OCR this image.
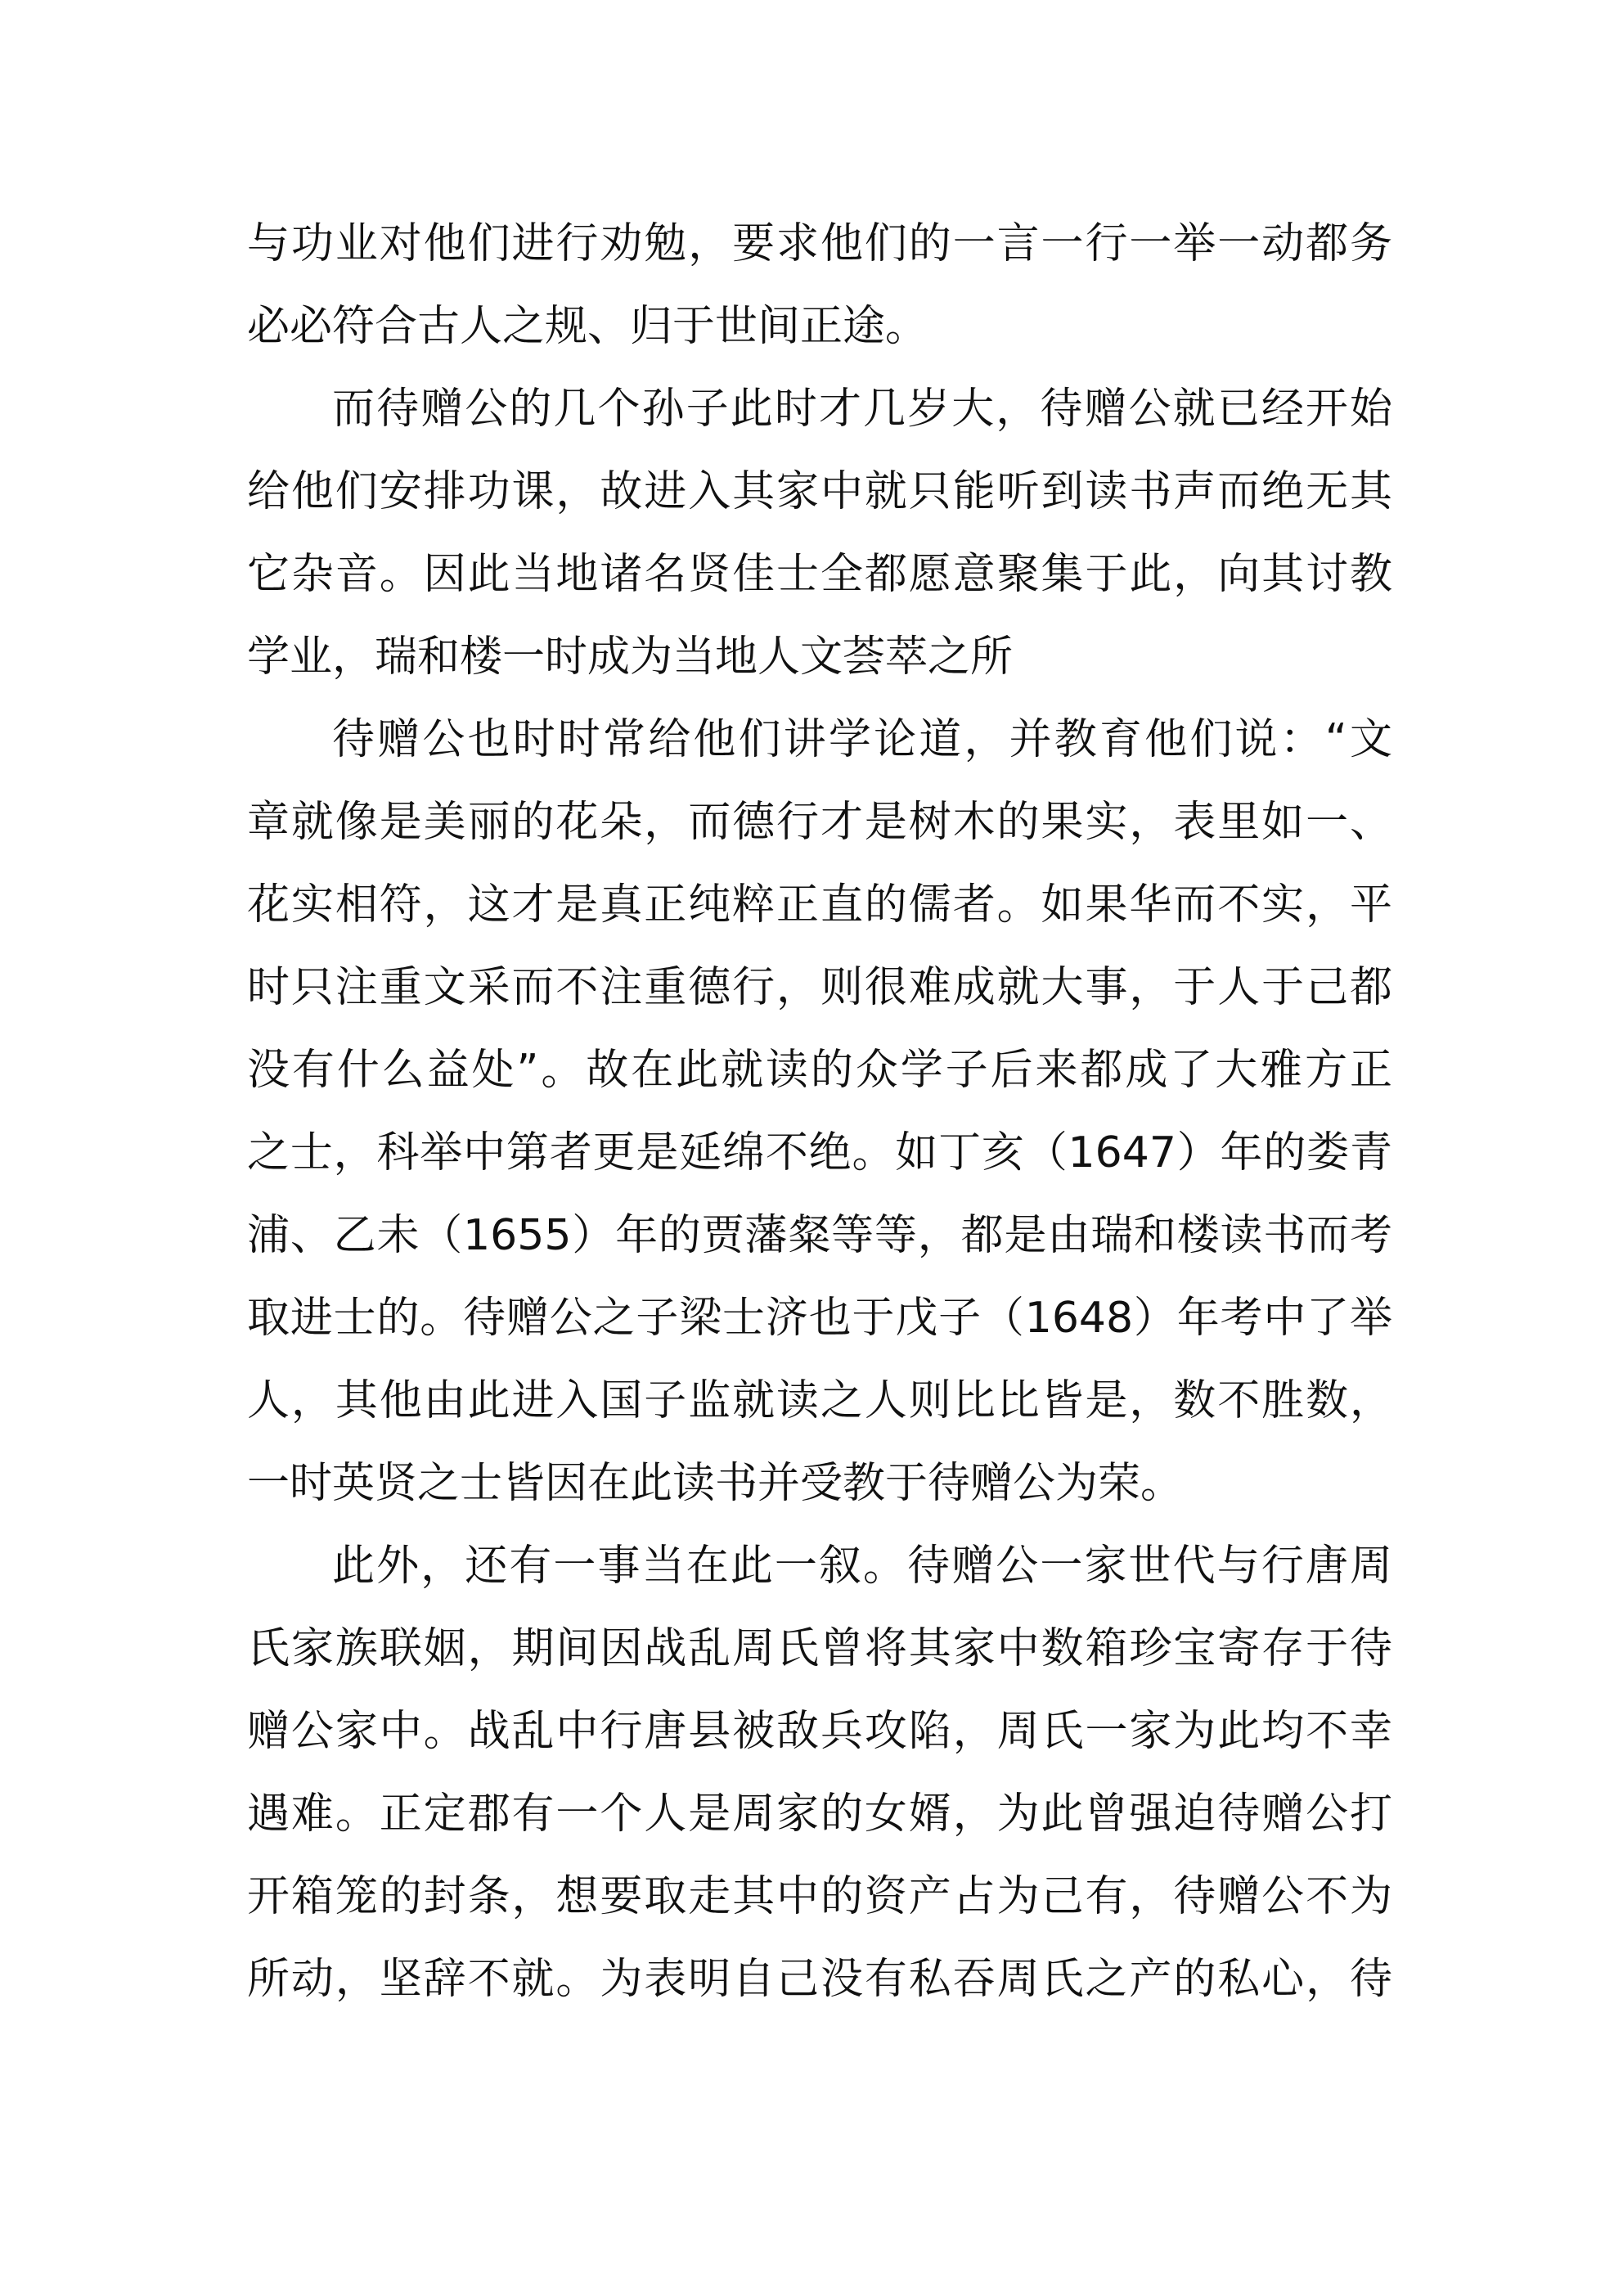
与功业对他们进行劝勉，要求他们的一言一行一举一动都务
必必符合古人之规、归于世间正途。
而待赠公的几个孙子此时才几岁大，待赠公就已经开始
给他们安排功课，故进入其家中就只能听到读书声而绝无其
它杂音。因此当地诸名贤佳士全都愿意聚集于此，向其讨教
学业，瑞和楼一时成为当地人文荟萃之所
待赠公也时时常给他们讲学论道，并教育他们说：“文
章就像是美丽的花朵，而德行才是树木的果实，表里如一、
花实相符，这才是真正纯粹正直的儒者。如果华而不实，平
时只注重文采而不注重德行，则很难成就大事，于人于己都
没有什么益处”。故在此就读的众学子后来都成了大雅方正
之士，科举中第者更是延绵不绝。如丁亥（1647）年的娄青
浦、乙未（1655）年的贾藩粲等等，都是由瑞和楼读书而考
取进士的。待赠公之子梁士济也于戊子（1648）年考中了举
人，其他由此进入国子监就读之人则比比皆是，数不胜数，
一时英贤之士皆因在此读书并受教于待赠公为荣。
此外，还有一事当在此一叙。待赠公一家世代与行唐周
氏家族联姻，期间因战乱周氏曾将其家中数箱珍宝寄存于待
赠公家中。战乱中行唐县被敌兵攻陷，周氏一家为此均不幸
遇难。正定郡有一个人是周家的女婿，为此曾强迫待赠公打
开箱笼的封条，想要取走其中的资产占为己有，待赠公不为
所动，坚辞不就。为表明自己没有私吞周氏之产的私心，待
